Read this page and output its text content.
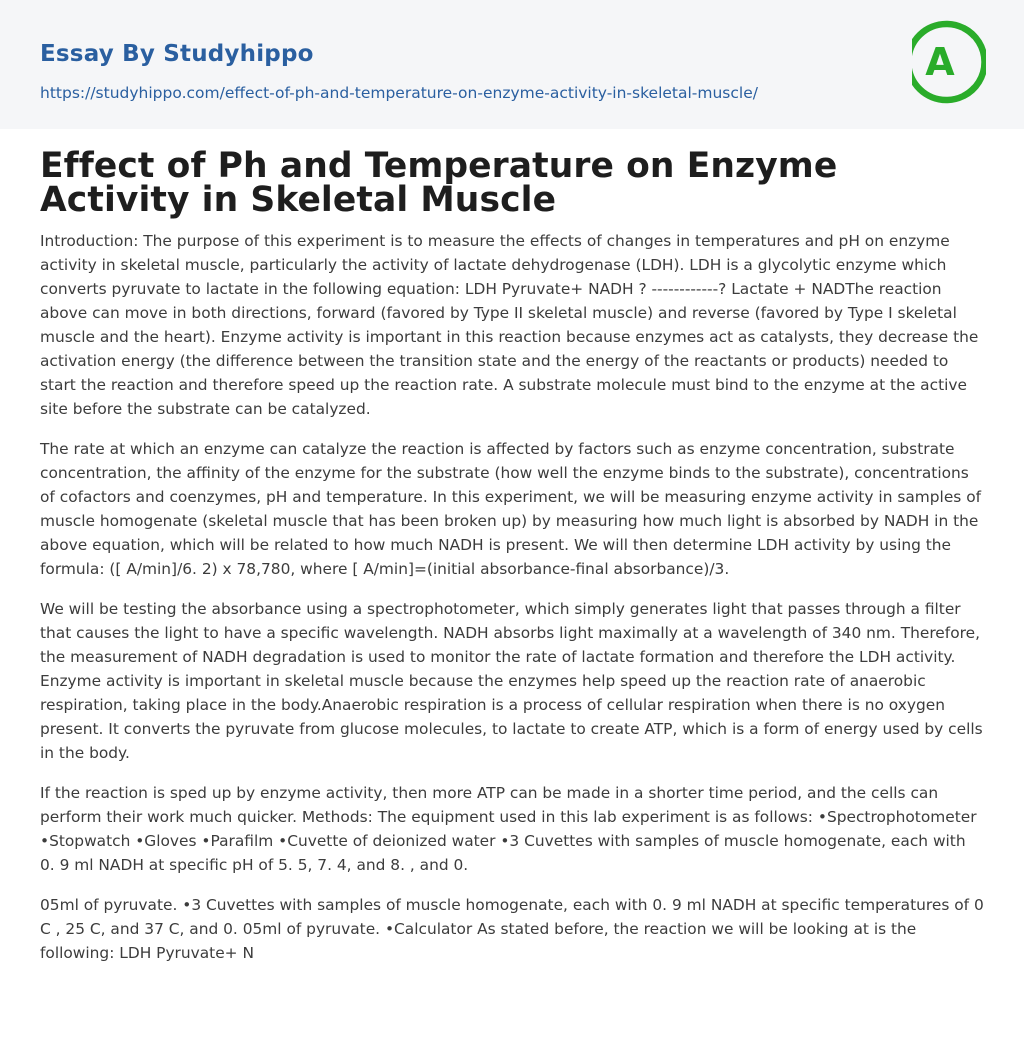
Essay By Studyhippo
https://studyhippo.com/effect-of-ph-and-temperature-on-enzyme-activity-in-skeletal-muscle/
A
Effect of Ph and Temperature on Enzyme Activity in Skeletal Muscle

Introduction: The purpose of this experiment is to measure the effects of changes in temperatures and pH on enzyme activity in skeletal muscle, particularly the activity of lactate dehydrogenase (LDH). LDH is a glycolytic enzyme which converts pyruvate to lactate in the following equation: LDH Pyruvate+ NADH ? ------------? Lactate + NADThe reaction above can move in both directions, forward (favored by Type II skeletal muscle) and reverse (favored by Type I skeletal muscle and the heart). Enzyme activity is important in this reaction because enzymes act as catalysts, they decrease the activation energy (the difference between the transition state and the energy of the reactants or products) needed to start the reaction and therefore speed up the reaction rate. A substrate molecule must bind to the enzyme at the active site before the substrate can be catalyzed.

The rate at which an enzyme can catalyze the reaction is affected by factors such as enzyme concentration, substrate concentration, the affinity of the enzyme for the substrate (how well the enzyme binds to the substrate), concentrations of cofactors and coenzymes, pH and temperature. In this experiment, we will be measuring enzyme activity in samples of muscle homogenate (skeletal muscle that has been broken up) by measuring how much light is absorbed by NADH in the above equation, which will be related to how much NADH is present. We will then determine LDH activity by using the formula: ([ A/min]/6. 2) x 78,780, where [ A/min]=(initial absorbance-final absorbance)/3.

We will be testing the absorbance using a spectrophotometer, which simply generates light that passes through a filter that causes the light to have a specific wavelength. NADH absorbs light maximally at a wavelength of 340 nm. Therefore, the measurement of NADH degradation is used to monitor the rate of lactate formation and therefore the LDH activity. Enzyme activity is important in skeletal muscle because the enzymes help speed up the reaction rate of anaerobic respiration, taking place in the body.Anaerobic respiration is a process of cellular respiration when there is no oxygen present. It converts the pyruvate from glucose molecules, to lactate to create ATP, which is a form of energy used by cells in the body.

If the reaction is sped up by enzyme activity, then more ATP can be made in a shorter time period, and the cells can perform their work much quicker. Methods: The equipment used in this lab experiment is as follows: •Spectrophotometer •Stopwatch •Gloves •Parafilm •Cuvette of deionized water •3 Cuvettes with samples of muscle homogenate, each with 0. 9 ml NADH at specific pH of 5. 5, 7. 4, and 8. , and 0.

05ml of pyruvate. •3 Cuvettes with samples of muscle homogenate, each with 0. 9 ml NADH at specific temperatures of 0 C , 25 C, and 37 C, and 0. 05ml of pyruvate. •Calculator As stated before, the reaction we will be looking at is the following: LDH Pyruvate+ N
